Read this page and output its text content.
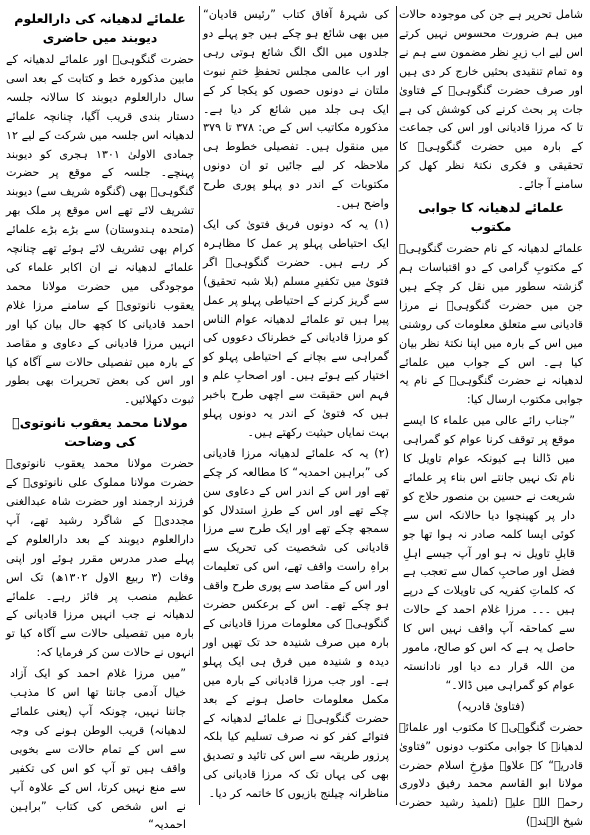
شامل تحریر ہے جن کی موجودہ حالات میں ہم ضرورت محسوس نہیں کرتے اس لیے اب زیرِ نظر مضمون سے ہم نے وہ تمام تنقیدی بحثیں خارج کر دی ہیں اور صرف حضرت گنگوہیؒ کے فتاویٰ جات پر بحث کرنے کی کوشش کی ہے تا کہ مرزا قادیانی اور اس کی جماعت کے بارہ میں حضرت گنگوہیؒ کا تحقیقی و فکری نکتۂ نظر کھل کر سامنے آ جائے۔

علمائے لدھیانہ کا جوابی مکتوب

علمائے لدھیانہ کے نام حضرت گنگوہیؒ کے مکتوبِ گرامی کے دو اقتباسات ہم گزشتہ سطور میں نقل کر چکے ہیں جن میں حضرت گنگوہیؒ نے مرزا قادیانی سے متعلق معلومات کی روشنی میں اس کے بارہ میں اپنا نکتۂ نظر بیان کیا ہے۔ اس کے جواب میں علمائے لدھیانہ نے حضرت گنگوہیؒ کے نام یہ جوابی مکتوب ارسال کیا:

”جناب رائے عالی میں علماء کا ایسے موقع پر توقف کرنا عوام کو گمراہی میں ڈالنا ہے کیونکہ عوام تاویل کا نام تک نہیں جانتے اس بناء پر علمائے شریعت نے حسین بن منصور حلاج کو دار پر کھینچوا دیا حالانکہ اس سے کوئی ایسا کلمہ صادر نہ ہوا تھا جو قابلِ تاویل نہ ہو اور آپ جیسے اہلِ فضل اور صاحبِ کمال سے تعجب ہے کہ کلماتِ کفریہ کی تاویلات کے درپے ہیں ۔۔۔ مرزا غلام احمد کے حالات سے کماحقہ آپ واقف نہیں اس کا حاصل یہ ہے کہ اس کو صالح، مامور من اللہ قرار دے دیا اور نادانستہ عوام کو گمراہی میں ڈالا۔“

(فتاویٰ قادریہ)

حضرت گنگوہیؒ کا مکتوب اور علمائے لدھیانہ کا جوابی مکتوب دونوں ”فتاویٰ قادریہ“ کے علاوہ مؤرخِ اسلام حضرت مولانا ابو القاسم محمد رفیق دلاوری رحمۃ اللہ علیہ (تلمیذ رشید حضرت شیخ الہندؒ)

کی شہرۂ آفاق کتاب ”رئیس قادیان“ میں بھی شائع ہو چکے ہیں جو پہلے دو جلدوں میں الگ الگ شائع ہوتی رہی اور اب عالمی مجلس تحفظِ ختمِ نبوت ملتان نے دونوں حصوں کو یکجا کر کے ایک ہی جلد میں شائع کر دیا ہے۔ مذکورہ مکاتیب اس کے ص: ۳۷۸ تا ۳۷۹ میں منقول ہیں۔ تفصیلی خطوط ہی ملاحظہ کر لیے جائیں تو ان دونوں مکتوبات کے اندر دو پہلو پوری طرح واضح ہیں۔

(۱) یہ کہ دونوں فریق فتویٰ کی ایک ایک احتیاطی پہلو پر عمل کا مظاہرہ کر رہے ہیں۔ حضرت گنگوہیؒ اگر فتویٰ میں تکفیرِ مسلم (بلا شبہ تحقیق) سے گریز کرنے کے احتیاطی پہلو پر عمل پیرا ہیں تو علمائے لدھیانہ عوام الناس کو مرزا قادیانی کے خطرناک دعووں کی گمراہی سے بچانے کے احتیاطی پہلو کو اختیار کیے ہوئے ہیں۔ اور اصحابِ علم و فہم اس حقیقت سے اچھی طرح باخبر ہیں کہ فتویٰ کے اندر یہ دونوں پہلو بہت نمایاں حیثیت رکھتے ہیں۔

(۲) یہ کہ علمائے لدھیانہ مرزا قادیانی کی ”براہین احمدیہ“ کا مطالعہ کر چکے تھے اور اس کے اندر اس کے دعاوی سن چکے تھے اور اس کے طرزِ استدلال کو سمجھ چکے تھے اور ایک طرح سے مرزا قادیانی کی شخصیت کی تحریک سے براہِ راست واقف تھے، اس کی تعلیمات اور اس کے مقاصد سے پوری طرح واقف ہو چکے تھے۔ اس کے برعکس حضرت گنگوہیؒ کی معلومات مرزا قادیانی کے بارہ میں صرف شنیدہ حد تک تھیں اور دیدہ و شنیدہ میں فرق ہی ایک پہلو ہے۔ اور جب مرزا قادیانی کے بارہ میں مکمل معلومات حاصل ہونے کے بعد حضرت گنگوہیؒ نے علمائے لدھیانہ کے فتوائے کفر کو نہ صرف تسلیم کیا بلکہ پرزور طریقہ سے اس کی تائید و تصدیق بھی کی یہاں تک کہ مرزا قادیانی کی مناظرانہ چیلنج بازیوں کا خاتمہ کر دیا۔

علمائے لدھیانہ کی دارالعلوم دیوبند میں حاضری

حضرت گنگوہیؒ اور علمائے لدھیانہ کے مابین مذکورہ خط و کتابت کے بعد اسی سال دارالعلوم دیوبند کا سالانہ جلسہ دستار بندی قریب آگیا، چنانچہ علمائے لدھیانہ اس جلسہ میں شرکت کے لیے ۱۲ جمادی الاولیٰ ۱۳۰۱ ہجری کو دیوبند پہنچے۔ جلسہ کے موقع پر حضرت گنگوہیؒ بھی (گنگوہ شریف سے) دیوبند تشریف لائے تھے اس موقع پر ملک بھر (متحدہ ہندوستان) سے بڑے بڑے علمائے کرام بھی تشریف لائے ہوئے تھے چنانچہ علمائے لدھیانہ نے ان اکابر علماء کی موجودگی میں حضرت مولانا محمد یعقوب نانوتویؒ کے سامنے مرزا غلام احمد قادیانی کا کچھ حال بیان کیا اور انہیں مرزا قادیانی کے دعاوی و مقاصد کے بارہ میں تفصیلی حالات سے آگاہ کیا اور اس کی بعض تحریرات بھی بطور ثبوت دکھلائیں۔

مولانا محمد یعقوب نانوتویؒ کی وضاحت

حضرت مولانا محمد یعقوب نانوتویؒ حضرت مولانا مملوک علی نانوتویؒ کے فرزند ارجمند اور حضرت شاہ عبدالغنی مجددیؒ کے شاگرد رشید تھے، آپ دارالعلوم دیوبند کے بعد دارالعلوم کے پہلے صدر مدرس مقرر ہوئے اور اپنی وفات (۳ ربیع الاول ۱۳۰۲ھ) تک اس عظیم منصب پر فائز رہے۔ علمائے لدھیانہ نے جب انہیں مرزا قادیانی کے بارہ میں تفصیلی حالات سے آگاہ کیا تو انہوں نے حالات سن کر فرمایا کہ:

”میں مرزا غلام احمد کو ایک آزاد خیال آدمی جانتا تھا اس کا مذہب جاننا نہیں، چونکہ آپ (یعنی علمائے لدھیانہ) قریب الوطن ہونے کی وجہ سے اس کے تمام حالات سے بخوبی واقف ہیں تو آپ کو اس کی تکفیر سے منع نہیں کرتا، اس کے علاوہ آپ نے اس شخص کی کتاب ”براہین احمدیہ“
